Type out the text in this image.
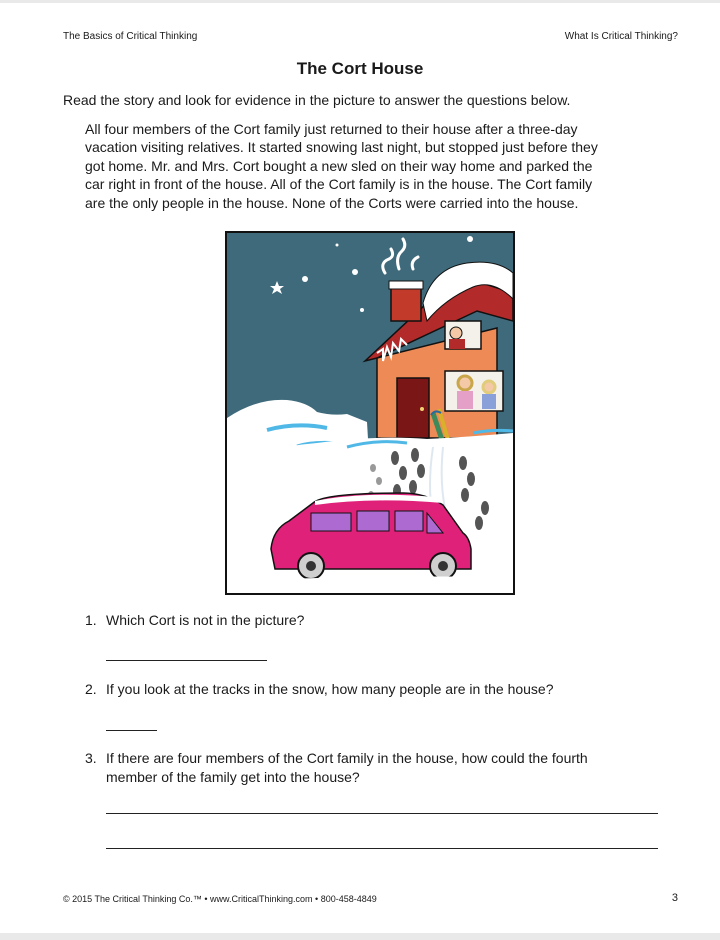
The Basics of Critical Thinking	What Is Critical Thinking?
The Cort House
Read the story and look for evidence in the picture to answer the questions below.
All four members of the Cort family just returned to their house after a three-day
vacation visiting relatives. It started snowing last night, but stopped just before they
got home. Mr. and Mrs. Cort bought a new sled on their way home and parked the
car right in front of the house. All of the Cort family is in the house. The Cort family
are the only people in the house. None of the Corts were carried into the house.
1. Which Cort is not in the picture?
2. If you look at the tracks in the snow, how many people are in the house?
3. If there are four members of the Cort family in the house, how could the fourth
member of the family get into the house?
© 2015 The Critical Thinking Co.™ • www.CriticalThinking.com • 800-458-4849	3
